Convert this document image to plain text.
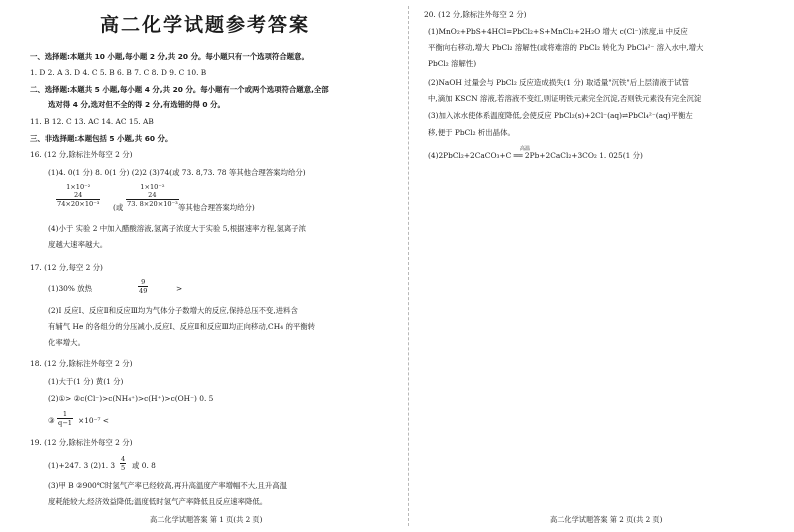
高二化学试题参考答案
一、选择题:本题共 10 小题,每小题 2 分,共 20 分。每小题只有一个选项符合题意。
1. D 2. A 3. D 4. C 5. B 6. B 7. C 8. D 9. C 10. B
二、选择题:本题共 5 小题,每小题 4 分,共 20 分。每小题有一个或两个选项符合题意,全部
选对得 4 分,选对但不全的得 2 分,有选错的得 0 分。
11. B 12. C 13. AC 14. AC 15. AB
三、非选择题:本题包括 5 小题,共 60 分。
16. (12 分,除标注外每空 2 分)
(1)4. 0(1 分) 8. 0(1 分) (2)2 (3)74(或 73. 8,73. 78 等其他合理答案均给分)
1×10⁻²
24
74×20×10⁻³ (或
1×10⁻²
24
73. 8×20×10⁻³ 等其他合理答案均给分)
(4)小于 实验 2 中加入醋酸溶液,氢离子浓度大于实验 5,根据速率方程,氢离子浓
度越大速率越大。
17. (12 分,每空 2 分)
(1)30% 放热	$\frac{9}{49}$	>
(2)Ⅰ 反应Ⅰ、反应Ⅱ和反应Ⅲ均为气体分子数增大的反应,保持总压不变,进料含
有辅气 He 的各组分的分压减小,反应Ⅰ、反应Ⅱ和反应Ⅲ均正向移动,CH₄ 的平衡转
化率增大。
18. (12 分,除标注外每空 2 分)
(1)大于(1 分) 黄(1 分)
(2)①> ②c(Cl⁻)>c(NH₄⁺)>c(H⁺)>c(OH⁻) 0. 5
③ $\frac{1}{q-1} \times 10^{-7}$ <
19. (12 分,除标注外每空 2 分)
(1)+247. 3 (2)1. $3 \frac{4}{5}$ 或 0. 8
(3)甲 B ②900℃时氢气产率已经较高,再升高温度产率增幅不大,且升高温
度耗能较大,经济效益降低;温度低时氢气产率降低且反应速率降低。
高二化学试题答案 第 1 页(共 2 页)
20. (12 分,除标注外每空 2 分)
(1)MnO₂+PbS+4HCl=PbCl₂+S+MnCl₂+2H₂O 增大 c(Cl⁻)浓度,ii 中反应
平衡向右移动,增大 PbCl₂ 溶解性(或将难溶的 PbCl₂ 转化为 PbCl₄²⁻ 溶入水中,增大
PbCl₂ 溶解性)
(2)NaOH 过量会与 PbCl₂ 反应造成损失(1 分) 取适量"沉铁"后上层清液于试管
中,滴加 KSCN 溶液,若溶液不变红,则证明铁元素完全沉淀,否则铁元素没有完全沉淀
(3)加入冰水使体系温度降低,会使反应 PbCl₂(s)+2Cl⁻(aq)⇌PbCl₄²⁻(aq)平衡左
移,便于 PbCl₂ 析出晶体。
高温
(4)2PbCl₂+2CaCO₃+C ══ 2Pb+2CaCl₂+3CO₂ 1. 025(1 分)
高二化学试题答案 第 2 页(共 2 页)
